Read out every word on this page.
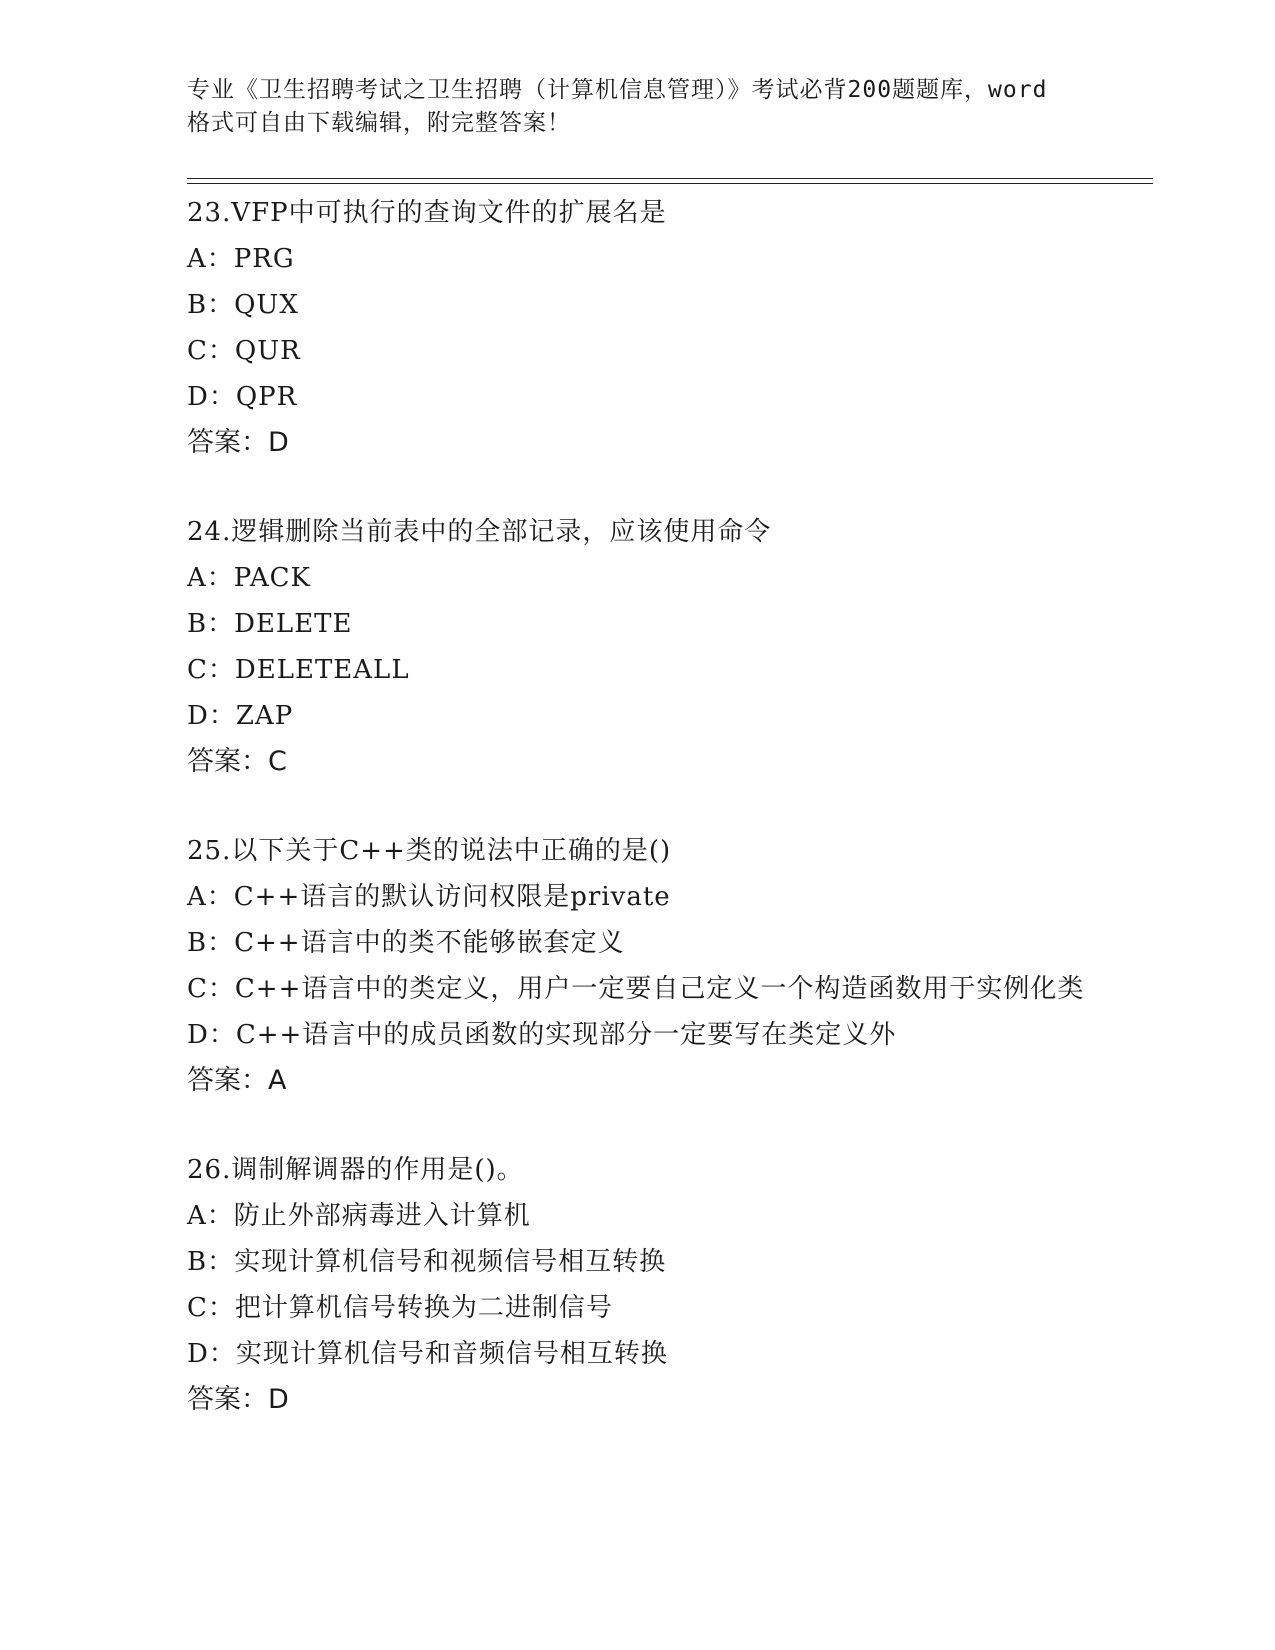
专业《卫生招聘考试之卫生招聘（计算机信息管理）》考试必背200题题库，word
格式可自由下载编辑，附完整答案！
23.VFP中可执行的查询文件的扩展名是
A：PRG
B：QUX
C：QUR
D：QPR
答案：D
24.逻辑删除当前表中的全部记录，应该使用命令
A：PACK
B：DELETE
C：DELETEALL
D：ZAP
答案：C
25.以下关于C++类的说法中正确的是()
A：C++语言的默认访问权限是private
B：C++语言中的类不能够嵌套定义
C：C++语言中的类定义，用户一定要自己定义一个构造函数用于实例化类
D：C++语言中的成员函数的实现部分一定要写在类定义外
答案：A
26.调制解调器的作用是()。
A：防止外部病毒进入计算机
B：实现计算机信号和视频信号相互转换
C：把计算机信号转换为二进制信号
D：实现计算机信号和音频信号相互转换
答案：D
